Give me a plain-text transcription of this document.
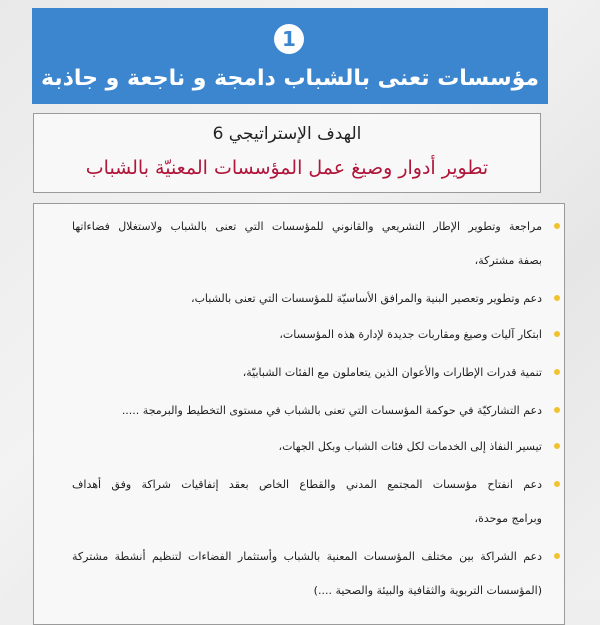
1
مؤسسات تعنى بالشباب دامجة و ناجعة و جاذبة
الهدف الإستراتيجي 6
تطوير أدوار وصيغ عمل المؤسسات المعنيّة بالشباب
مراجعة وتطوير الإطار التشريعي والقانوني للمؤسسات التي تعنى بالشباب ولاستغلال فضاءاتها
بصفة مشتركة،
دعم وتطوير وتعصير البنية والمرافق الأساسيّة للمؤسسات التي تعنى بالشباب،
ابتكار آليات وصيغ ومقاربات جديدة لإدارة هذه المؤسسات،
تنمية قدرات الإطارات والأعوان الذين يتعاملون مع الفئات الشبابيّة،
دعم التشاركيّة في حوكمة المؤسسات التي تعنى بالشباب في مستوى التخطيط والبرمجة .....
تيسير النفاذ إلى الخدمات لكل فئات الشباب وبكل الجهات،
دعم انفتاح مؤسسات المجتمع المدني والقطاع الخاص بعقد إتفاقيات شراكة وفق أهداف
وبرامج موحدة،
دعم الشراكة بين مختلف المؤسسات المعنية بالشباب وأستثمار الفضاءات لتنظيم أنشطة مشتركة
(المؤسسات التربوية والثقافية والبيئة والصحية ....)
